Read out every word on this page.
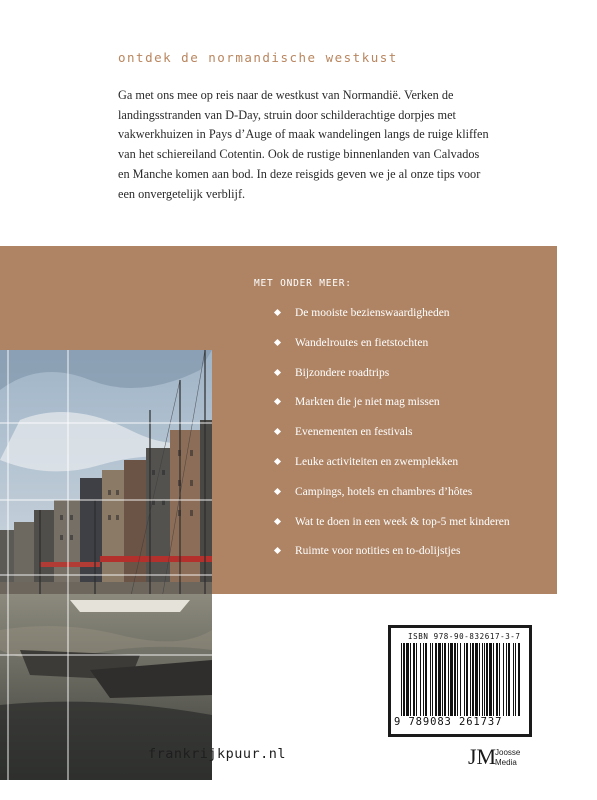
ontdek de normandische westkust

Ga met ons mee op reis naar de westkust van Normandië. Verken de landingsstranden van D-Day, struin door schilderachtige dorpjes met vakwerkhuizen in Pays d’Auge of maak wandelingen langs de ruige kliffen van het schiereiland Cotentin. Ook de rustige binnenlanden van Calvados en Manche komen aan bod. In deze reisgids geven we je al onze tips voor een onvergetelijk verblijf.

MET ONDER MEER:
De mooiste bezienswaardigheden
Wandelroutes en fietstochten
Bijzondere roadtrips
Markten die je niet mag missen
Evenementen en festivals
Leuke activiteiten en zwemplekken
Campings, hotels en chambres d’hôtes
Wat te doen in een week & top-5 met kinderen
Ruimte voor notities en to-dolijstjes
frankrijkpuur.nl
ISBN 978-90-832617-3-7
9 789083 261737
JM
Joosse
Media
